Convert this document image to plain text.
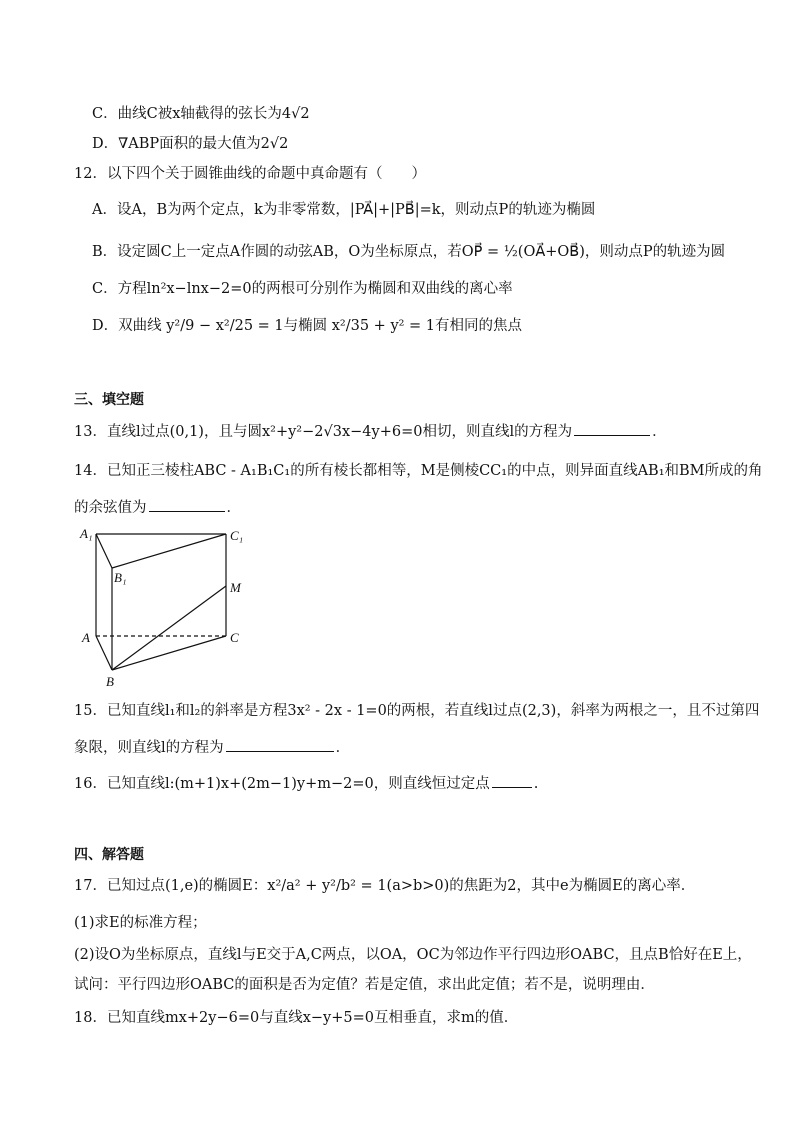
C．曲线C被x轴截得的弦长为4√2
D．∇ABP面积的最大值为2√2
12．以下四个关于圆锥曲线的命题中真命题有（　　）
A．设A，B为两个定点，k为非零常数，|PA⃗|+|PB⃗|=k，则动点P的轨迹为椭圆
B．设定圆C上一定点A作圆的动弦AB，O为坐标原点，若OP⃗ = ½(OA⃗+OB⃗)，则动点P的轨迹为圆
C．方程ln²x−lnx−2=0的两根可分别作为椭圆和双曲线的离心率
D．双曲线 y²/9 − x²/25 = 1与椭圆 x²/35 + y² = 1有相同的焦点
三、填空题
13．直线l过点(0,1)，且与圆x²+y²−2√3x−4y+6=0相切，则直线l的方程为	．
14．已知正三棱柱ABC - A₁B₁C₁的所有棱长都相等，M是侧棱CC₁的中点，则异面直线AB₁和BM所成的角
的余弦值为	．
A₁	C₁
B₁
M
A	C
B
15．已知直线l₁和l₂的斜率是方程3x² - 2x - 1=0的两根，若直线l过点(2,3)，斜率为两根之一，且不过第四
象限，则直线l的方程为	．
16．已知直线l:(m+1)x+(2m−1)y+m−2=0，则直线恒过定点	.
四、解答题
17．已知过点(1,e)的椭圆E：x²/a² + y²/b² = 1(a>b>0)的焦距为2，其中e为椭圆E的离心率．
(1)求E的标准方程；
(2)设O为坐标原点，直线l与E交于A,C两点，以OA，OC为邻边作平行四边形OABC，且点B恰好在E上，
试问：平行四边形OABC的面积是否为定值？若是定值，求出此定值；若不是，说明理由．
18．已知直线mx+2y−6=0与直线x−y+5=0互相垂直，求m的值．
